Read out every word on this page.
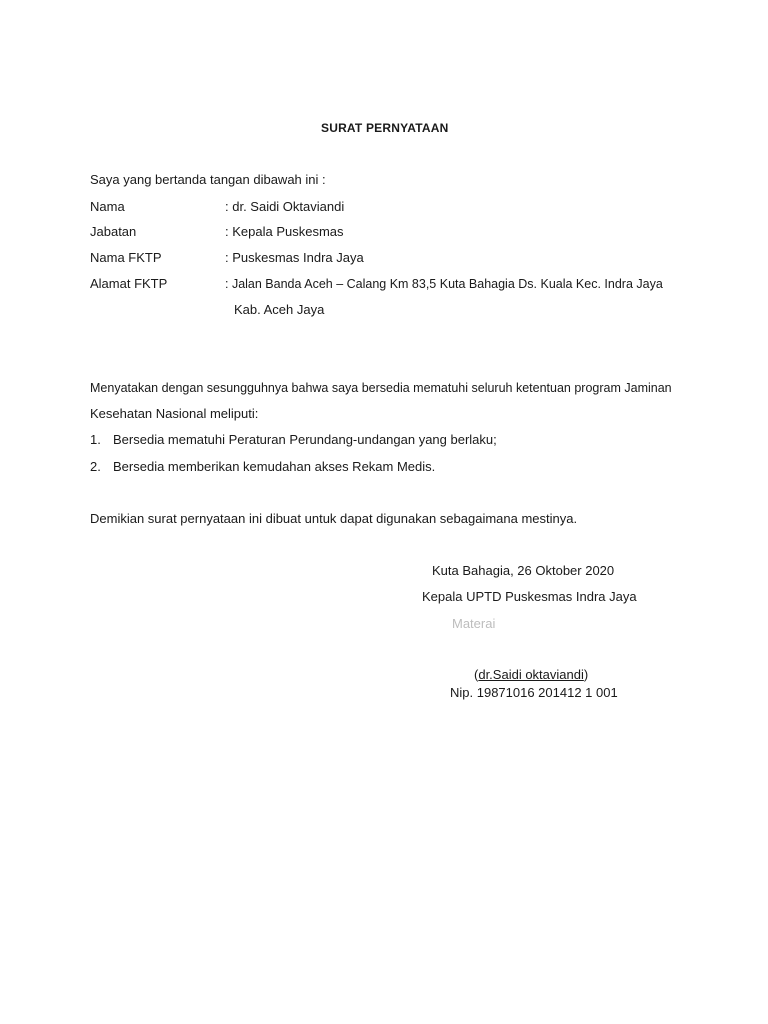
SURAT PERNYATAAN
Saya yang bertanda tangan dibawah ini :
Nama	: dr. Saidi Oktaviandi
Jabatan	: Kepala Puskesmas
Nama FKTP	: Puskesmas Indra Jaya
Alamat FKTP	: Jalan Banda Aceh – Calang Km 83,5 Kuta Bahagia Ds. Kuala Kec. Indra Jaya
Kab. Aceh Jaya
Menyatakan dengan sesungguhnya bahwa saya bersedia mematuhi seluruh ketentuan program Jaminan
Kesehatan Nasional meliputi:
1. Bersedia mematuhi Peraturan Perundang-undangan yang berlaku;
2. Bersedia memberikan kemudahan akses Rekam Medis.
Demikian surat pernyataan ini dibuat untuk dapat digunakan sebagaimana mestinya.
Kuta Bahagia, 26 Oktober 2020
Kepala UPTD Puskesmas Indra Jaya
Materai
(dr.Saidi oktaviandi)
Nip. 19871016 201412 1 001
